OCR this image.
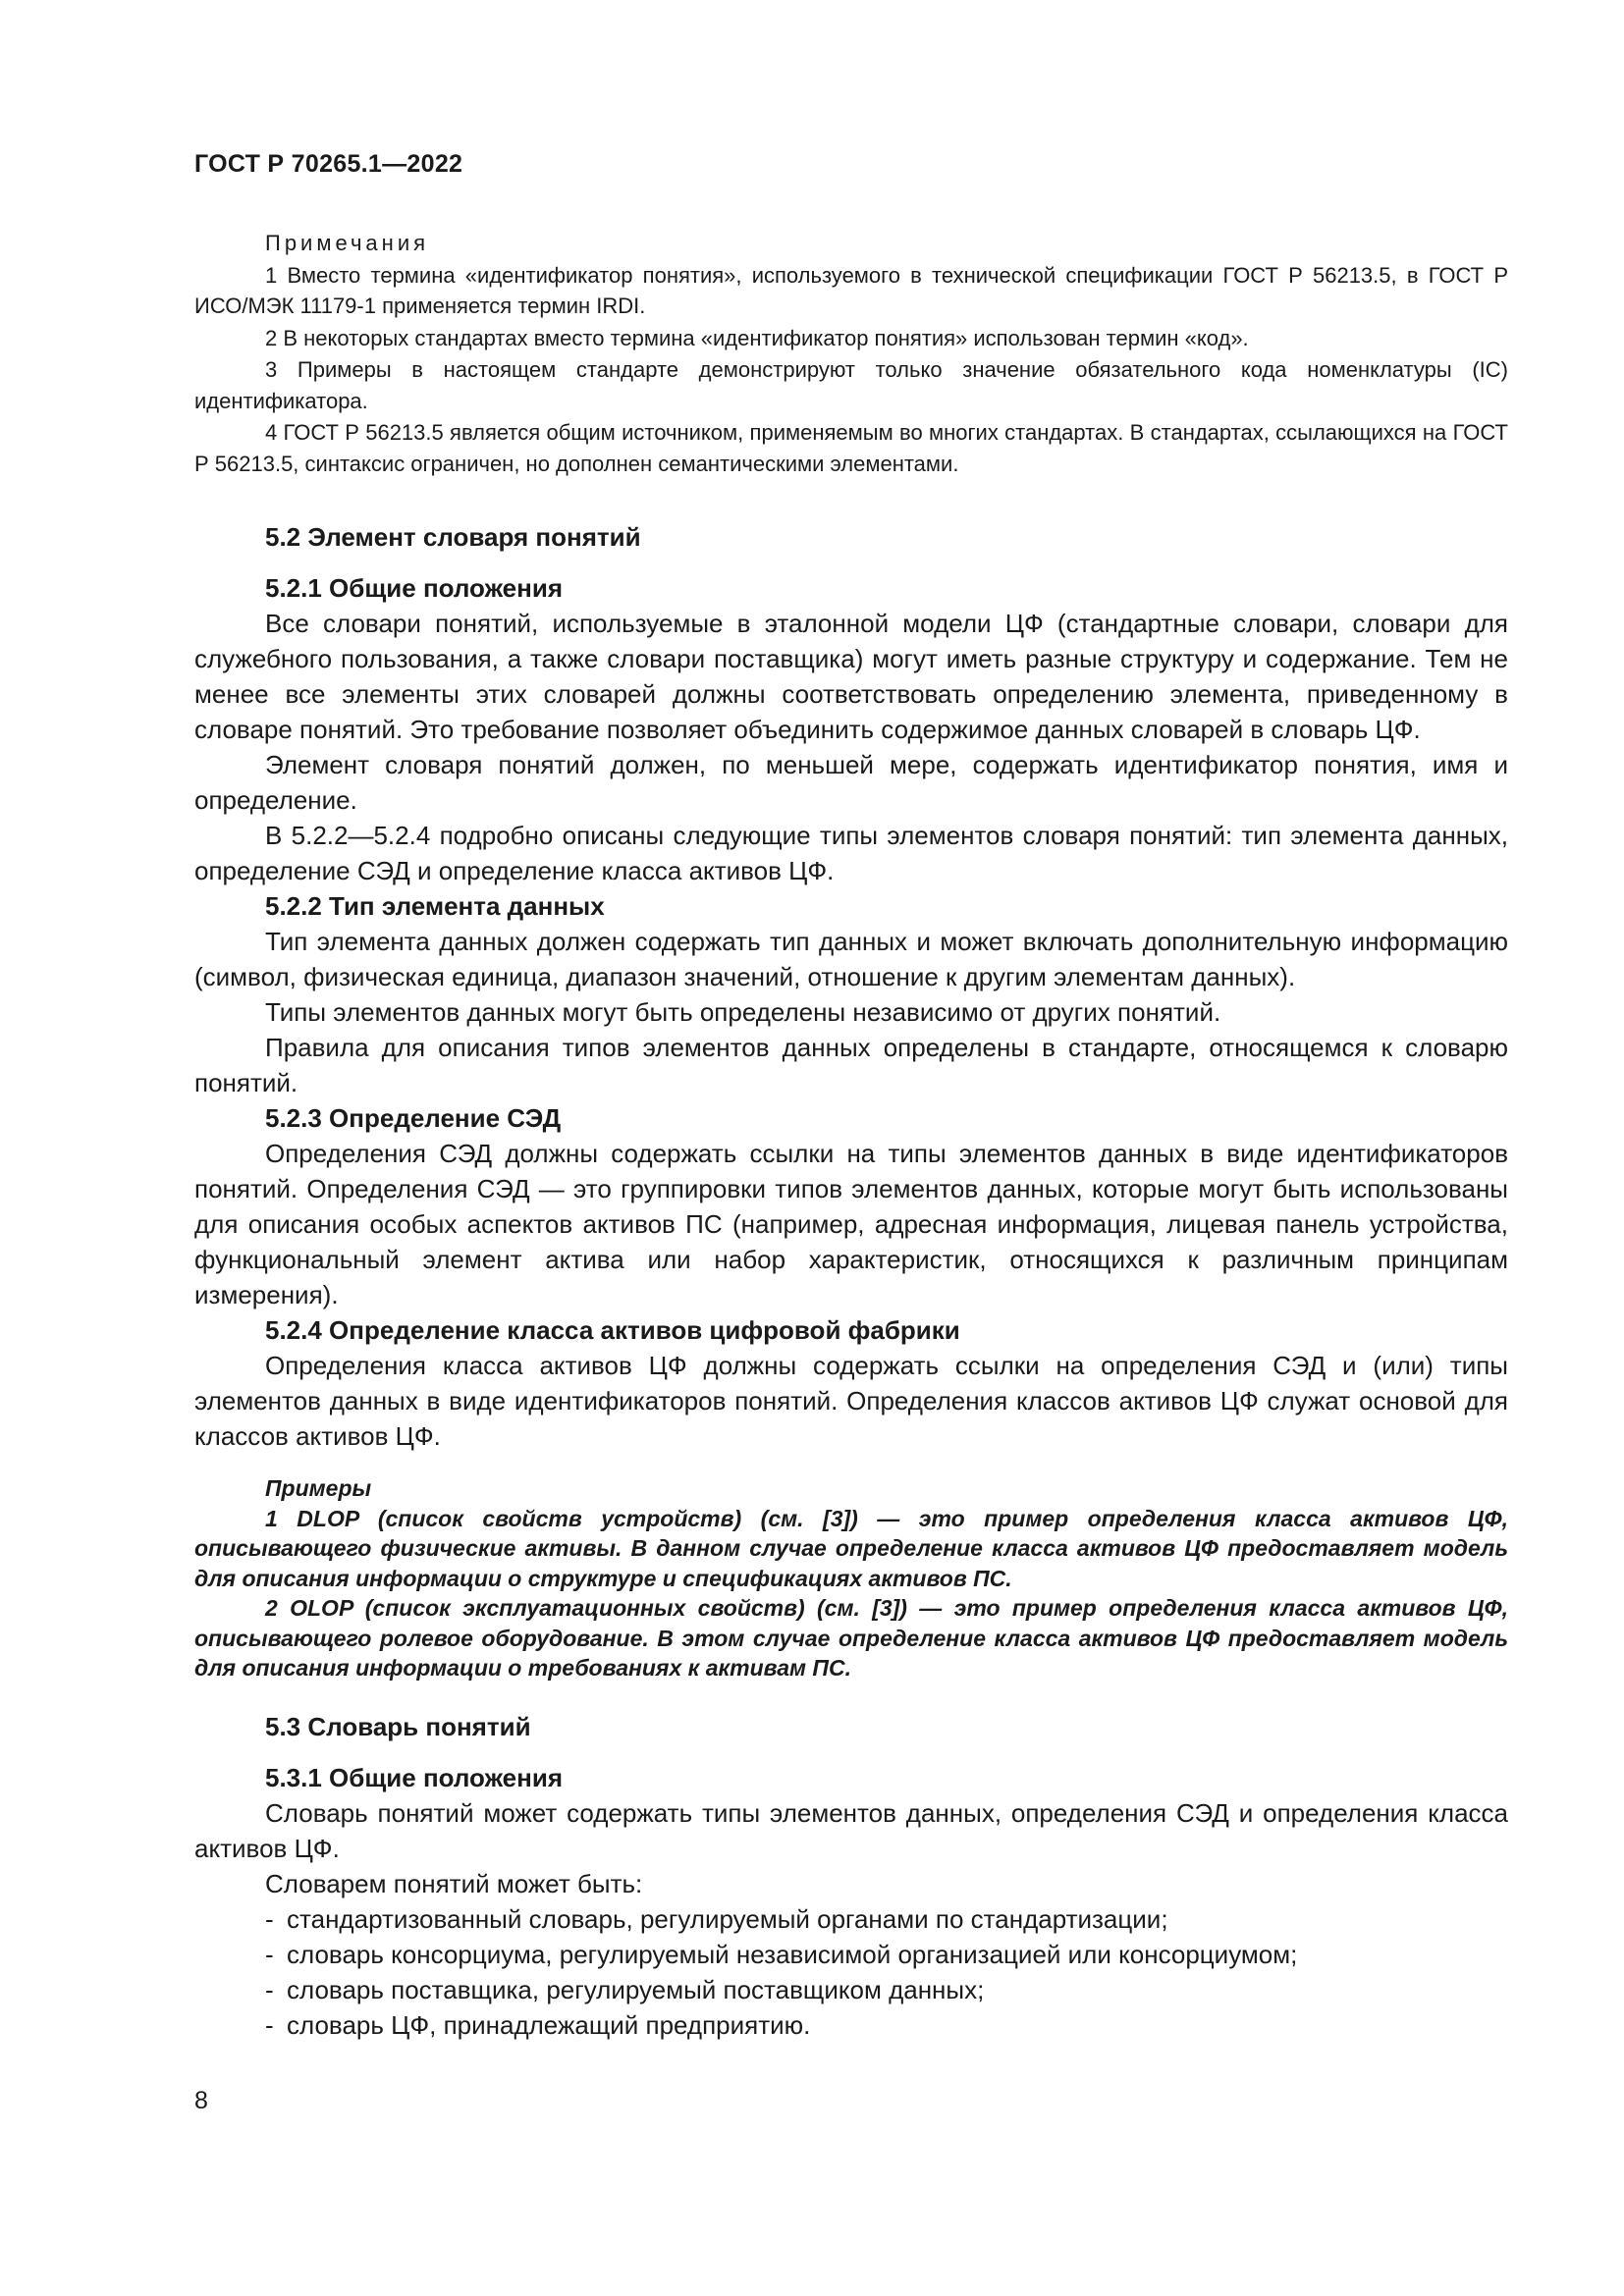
ГОСТ Р 70265.1—2022

Примечания

1 Вместо термина «идентификатор понятия», используемого в технической спецификации ГОСТ Р 56213.5, в ГОСТ Р ИСО/МЭК 11179-1 применяется термин IRDI.

2 В некоторых стандартах вместо термина «идентификатор понятия» использован термин «код».

3 Примеры в настоящем стандарте демонстрируют только значение обязательного кода номенклатуры (IC) идентификатора.

4 ГОСТ Р 56213.5 является общим источником, применяемым во многих стандартах. В стандартах, ссылающихся на ГОСТ Р 56213.5, синтаксис ограничен, но дополнен семантическими элементами.

5.2 Элемент словаря понятий
5.2.1 Общие положения

Все словари понятий, используемые в эталонной модели ЦФ (стандартные словари, словари для служебного пользования, а также словари поставщика) могут иметь разные структуру и содержание. Тем не менее все элементы этих словарей должны соответствовать определению элемента, приведенному в словаре понятий. Это требование позволяет объединить содержимое данных словарей в словарь ЦФ.

Элемент словаря понятий должен, по меньшей мере, содержать идентификатор понятия, имя и определение.

В 5.2.2—5.2.4 подробно описаны следующие типы элементов словаря понятий: тип элемента данных, определение СЭД и определение класса активов ЦФ.

5.2.2 Тип элемента данных

Тип элемента данных должен содержать тип данных и может включать дополнительную информацию (символ, физическая единица, диапазон значений, отношение к другим элементам данных).

Типы элементов данных могут быть определены независимо от других понятий.

Правила для описания типов элементов данных определены в стандарте, относящемся к словарю понятий.

5.2.3 Определение СЭД

Определения СЭД должны содержать ссылки на типы элементов данных в виде идентификаторов понятий. Определения СЭД — это группировки типов элементов данных, которые могут быть использованы для описания особых аспектов активов ПС (например, адресная информация, лицевая панель устройства, функциональный элемент актива или набор характеристик, относящихся к различным принципам измерения).

5.2.4 Определение класса активов цифровой фабрики

Определения класса активов ЦФ должны содержать ссылки на определения СЭД и (или) типы элементов данных в виде идентификаторов понятий. Определения классов активов ЦФ служат основой для классов активов ЦФ.

Примеры

1 DLOP (список свойств устройств) (см. [3]) — это пример определения класса активов ЦФ, описывающего физические активы. В данном случае определение класса активов ЦФ предоставляет модель для описания информации о структуре и спецификациях активов ПС.

2 OLOP (список эксплуатационных свойств) (см. [3]) — это пример определения класса активов ЦФ, описывающего ролевое оборудование. В этом случае определение класса активов ЦФ предоставляет модель для описания информации о требованиях к активам ПС.

5.3 Словарь понятий
5.3.1 Общие положения

Словарь понятий может содержать типы элементов данных, определения СЭД и определения класса активов ЦФ.

Словарем понятий может быть:

- стандартизованный словарь, регулируемый органами по стандартизации;
- словарь консорциума, регулируемый независимой организацией или консорциумом;
- словарь поставщика, регулируемый поставщиком данных;
- словарь ЦФ, принадлежащий предприятию.
8
